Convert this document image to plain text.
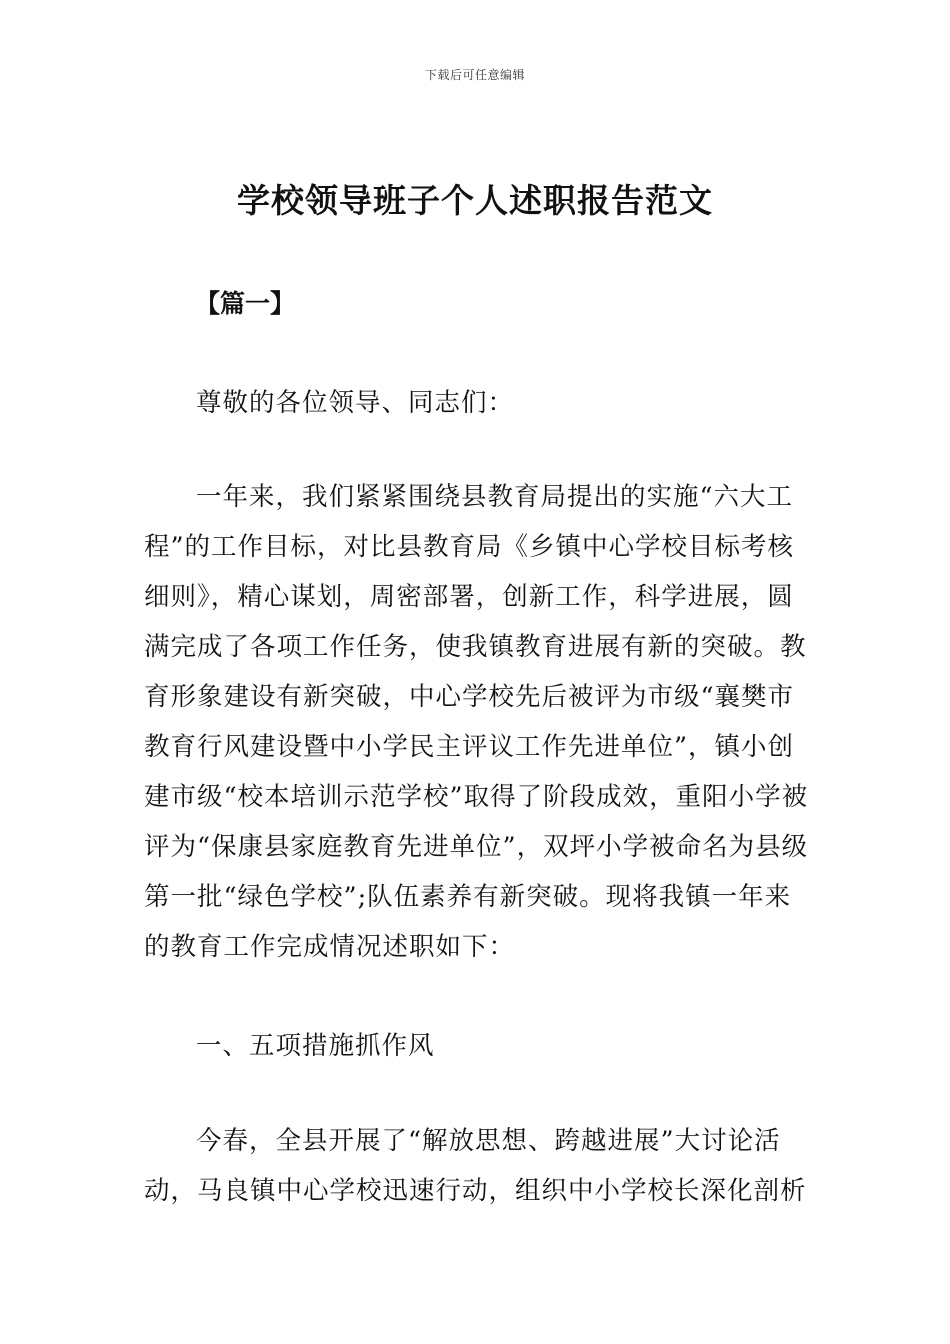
下载后可任意编辑
学校领导班子个人述职报告范文
【篇一】

尊敬的各位领导、同志们：

一年来，我们紧紧围绕县教育局提出的实施“六大工程”的工作目标，对比县教育局《乡镇中心学校目标考核细则》，精心谋划，周密部署，创新工作，科学进展，圆满完成了各项工作任务，使我镇教育进展有新的突破。教育形象建设有新突破，中心学校先后被评为市级“襄樊市教育行风建设暨中小学民主评议工作先进单位”，镇小创建市级“校本培训示范学校”取得了阶段成效，重阳小学被评为“保康县家庭教育先进单位”，双坪小学被命名为县级第一批“绿色学校”;队伍素养有新突破。现将我镇一年来的教育工作完成情况述职如下：

一、五项措施抓作风

今春，全县开展了“解放思想、跨越进展”大讨论活动，马良镇中心学校迅速行动，组织中小学校长深化剖析
